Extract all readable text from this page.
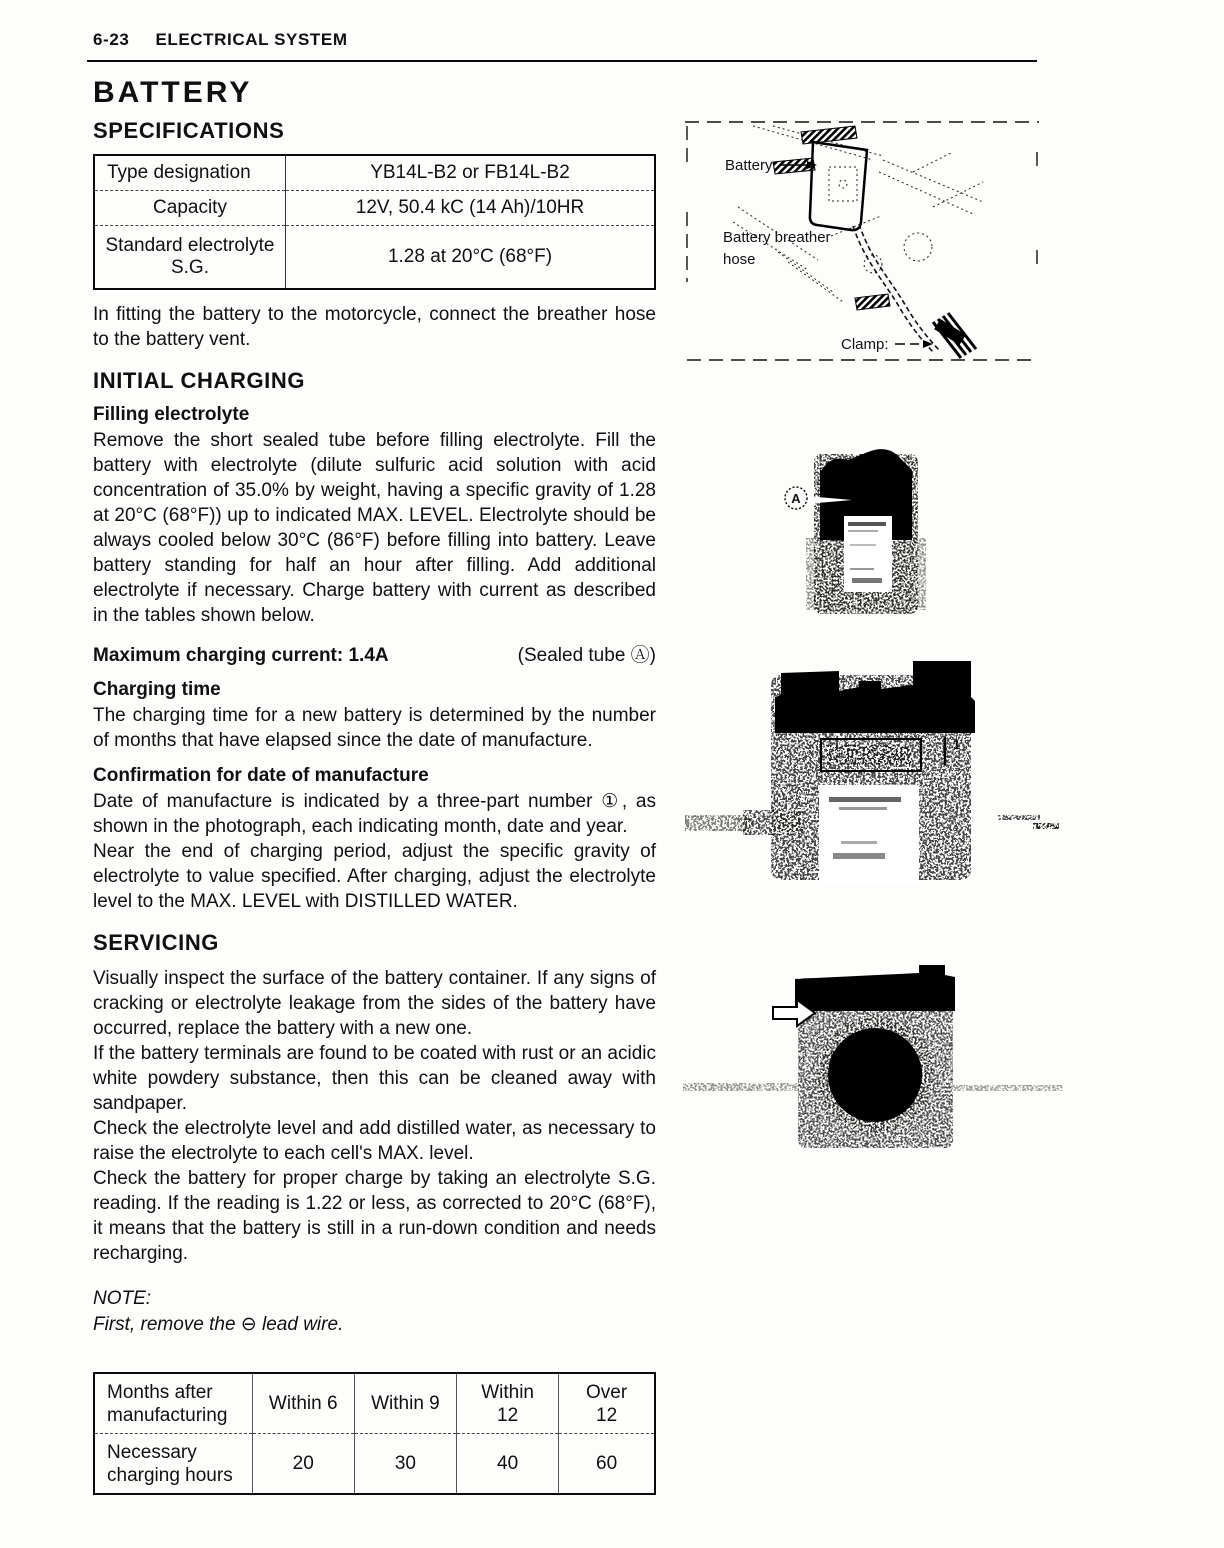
6-23 ELECTRICAL SYSTEM
BATTERY
SPECIFICATIONS
Type designation	YB14L-B2 or FB14L-B2
Capacity	12V, 50.4 kC (14 Ah)/10HR
Standard electrolyte S.G.	1.28 at 20°C (68°F)

In fitting the battery to the motorcycle, connect the breather hose to the battery vent.

INITIAL CHARGING
Filling electrolyte

Remove the short sealed tube before filling electrolyte. Fill the battery with electrolyte (dilute sulfuric acid solution with acid concentration of 35.0% by weight, having a specific gravity of 1.28 at 20°C (68°F)) up to indicated MAX. LEVEL. Electrolyte should be always cooled below 30°C (86°F) before filling into battery. Leave battery standing for half an hour after filling. Add additional electrolyte if necessary. Charge battery with current as described in the tables shown below.

Maximum charging current: 1.4A	(Sealed tube Ⓐ)
Charging time

The charging time for a new battery is determined by the number of months that have elapsed since the date of manufacture.

Confirmation for date of manufacture

Date of manufacture is indicated by a three-part number ①, as shown in the photograph, each indicating month, date and year.

Near the end of charging period, adjust the specific gravity of electrolyte to value specified. After charging, adjust the electrolyte level to the MAX. LEVEL with DISTILLED WATER.

SERVICING

Visually inspect the surface of the battery container. If any signs of cracking or electrolyte leakage from the sides of the battery have occurred, replace the battery with a new one.

If the battery terminals are found to be coated with rust or an acidic white powdery substance, then this can be cleaned away with sandpaper.

Check the electrolyte level and add distilled water, as necessary to raise the electrolyte to each cell's MAX. level.

Check the battery for proper charge by taking an electrolyte S.G. reading. If the reading is 1.22 or less, as corrected to 20°C (68°F), it means that the battery is still in a run-down condition and needs recharging.

NOTE:
First, remove the ⊖ lead wire.
Months after manufacturing	Within 6	Within 9	Within 12	Over 12
Necessary charging hours	20	30	40	60
Battery
Battery breather
hose
Clamp:
A
1
